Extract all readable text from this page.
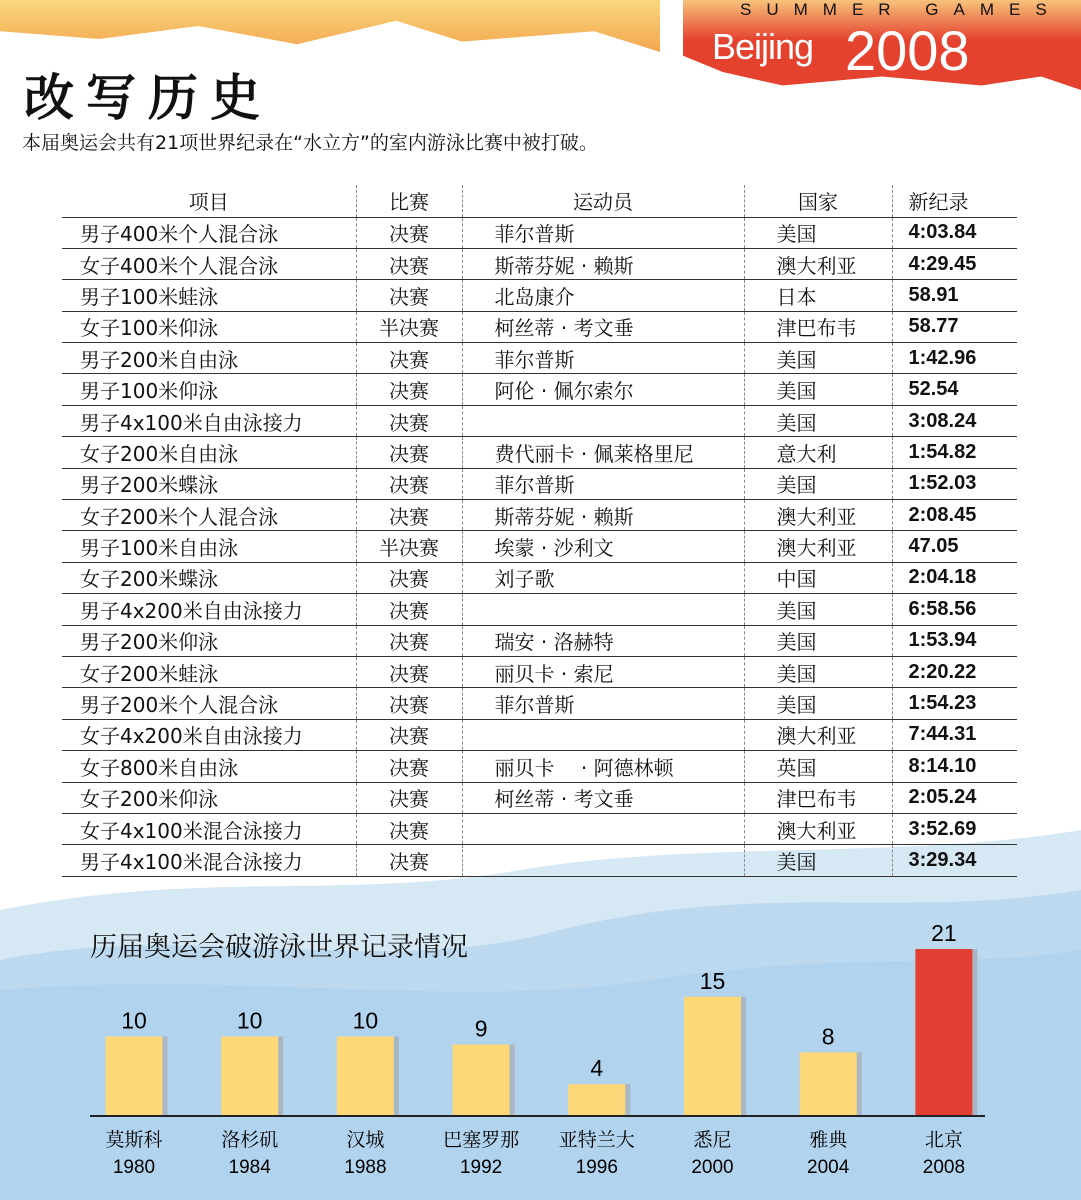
SUMMER GAMES
Beijing 2008
改写历史
本届奥运会共有21项世界纪录在“水立方”的室内游泳比赛中被打破。
项目	比赛	运动员	国家	新纪录
男子400米个人混合泳	决赛	菲尔普斯	美国	4:03.84
女子400米个人混合泳	决赛	斯蒂芬妮 · 赖斯	澳大利亚	4:29.45
男子100米蛙泳	决赛	北岛康介	日本	58.91
女子100米仰泳	半决赛	柯丝蒂 · 考文垂	津巴布韦	58.77
男子200米自由泳	决赛	菲尔普斯	美国	1:42.96
男子100米仰泳	决赛	阿伦 · 佩尔索尔	美国	52.54
男子4x100米自由泳接力	决赛		美国	3:08.24
女子200米自由泳	决赛	费代丽卡 · 佩莱格里尼	意大利	1:54.82
男子200米蝶泳	决赛	菲尔普斯	美国	1:52.03
女子200米个人混合泳	决赛	斯蒂芬妮 · 赖斯	澳大利亚	2:08.45
男子100米自由泳	半决赛	埃蒙 · 沙利文	澳大利亚	47.05
女子200米蝶泳	决赛	刘子歌	中国	2:04.18
男子4x200米自由泳接力	决赛		美国	6:58.56
男子200米仰泳	决赛	瑞安 · 洛赫特	美国	1:53.94
女子200米蛙泳	决赛	丽贝卡 · 索尼	美国	2:20.22
男子200米个人混合泳	决赛	菲尔普斯	美国	1:54.23
女子4x200米自由泳接力	决赛		澳大利亚	7:44.31
女子800米自由泳	决赛	丽贝卡 　· 阿德林顿	英国	8:14.10
女子200米仰泳	决赛	柯丝蒂 · 考文垂	津巴布韦	2:05.24
女子4x100米混合泳接力	决赛		澳大利亚	3:52.69
男子4x100米混合泳接力	决赛		美国	3:29.34
历届奥运会破游泳世界记录情况
10
莫斯科
1980
10
洛杉矶
1984
10
汉城
1988
9
巴塞罗那
1992
4
亚特兰大
1996
15
悉尼
2000
8
雅典
2004
21
北京
2008
